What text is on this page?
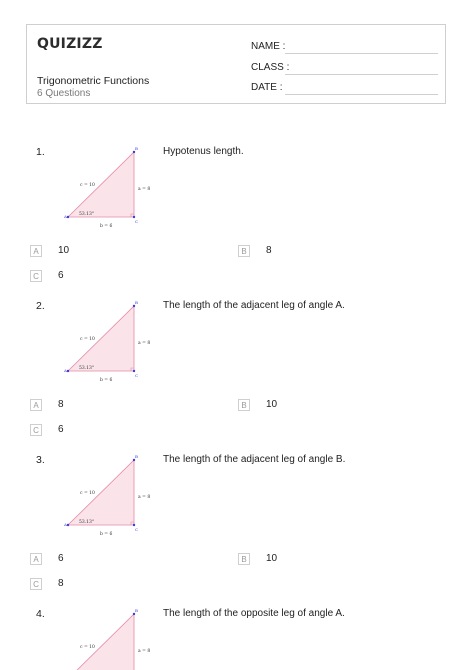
QUIZIZZ
Trigonometric Functions
6 Questions
NAME :
CLASS :
DATE :
1.	Hypotenus length.
A
C
B
c = 10
a = 8
b = 6
53.13°
A	10	B	8
C	6
2.	The length of the adjacent leg of angle A.
A
C
B
c = 10
a = 8
b = 6
53.13°
A	8	B	10
C	6
3.	The length of the adjacent leg of angle B.
A
C
B
c = 10
a = 8
b = 6
53.13°
A	6	B	10
C	8
4.	The length of the opposite leg of angle A.
B
c = 10
a = 8
